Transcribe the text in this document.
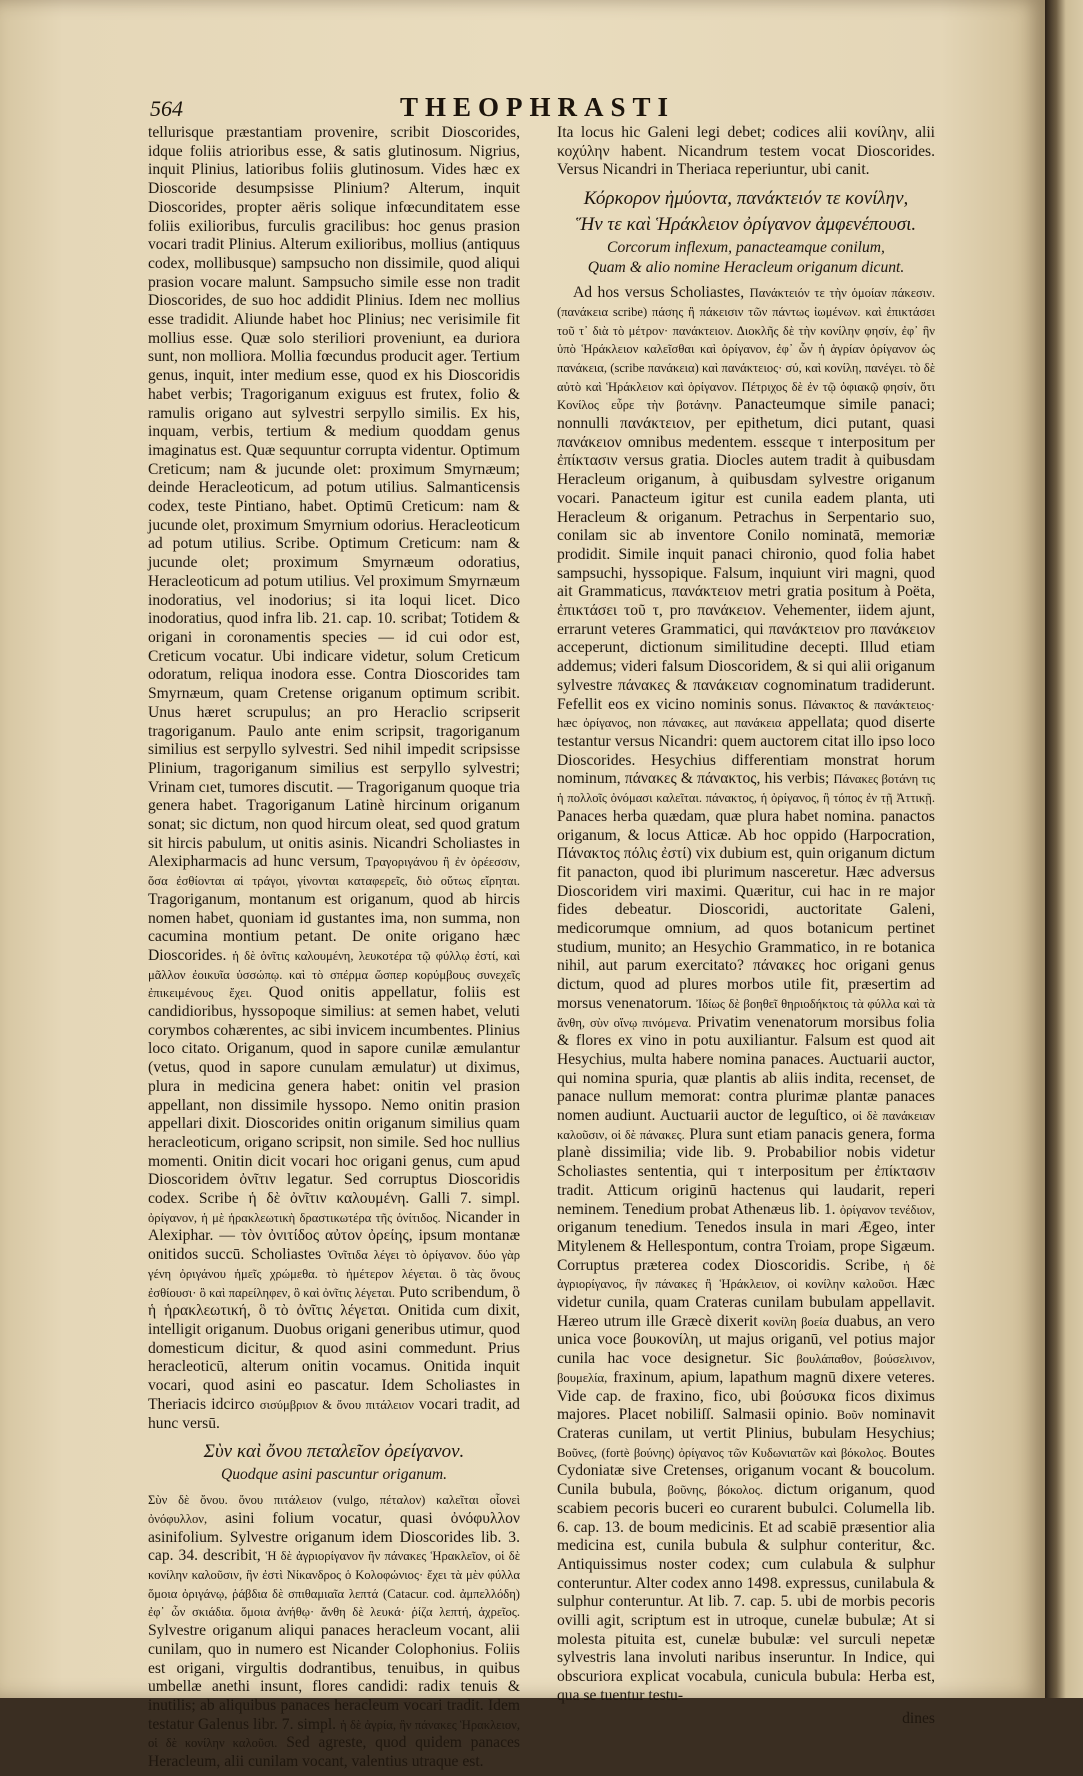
564	THEOPHRASTI

tellurisque præstantiam provenire, scribit Dioscorides, idque foliis atrioribus esse, & satis glutinosum. Nigrius, inquit Plinius, latioribus foliis glutinosum. Vides hæc ex Dioscoride desumpsisse Plinium? Alterum, inquit Dioscorides, propter aëris solique infœcunditatem esse foliis exilioribus, furculis gracilibus: hoc genus prasion vocari tradit Plinius. Alterum exilioribus, mollius (antiquus codex, mollibusque) sampsucho non dissimile, quod aliqui prasion vocare malunt. Sampsucho simile esse non tradit Dioscorides, de suo hoc addidit Plinius. Idem nec mollius esse tradidit. Aliunde habet hoc Plinius; nec verisimile fit mollius esse. Quæ solo steriliori proveniunt, ea duriora sunt, non molliora. Mollia fœcundus producit ager. Tertium genus, inquit, inter medium esse, quod ex his Dioscoridis habet verbis; Tragoriganum exiguus est frutex, folio & ramulis origano aut sylvestri serpyllo similis. Ex his, inquam, verbis, tertium & medium quoddam genus imaginatus est. Quæ sequuntur corrupta videntur. Optimum Creticum; nam & jucunde olet: proximum Smyrnæum; deinde Heracleoticum, ad potum utilius. Salmanticensis codex, teste Pintiano, habet. Optimū Creticum: nam & jucunde olet, proximum Smyrnium odorius. Heracleoticum ad potum utilius. Scribe. Optimum Creticum: nam & jucunde olet; proximum Smyrnæum odoratius, Heracleoticum ad potum utilius. Vel proximum Smyrnæum inodoratius, vel inodorius; si ita loqui licet. Dico inodoratius, quod infra lib. 21. cap. 10. scribat; Totidem & origani in coronamentis species — id cui odor est, Creticum vocatur. Ubi indicare videtur, solum Creticum odoratum, reliqua inodora esse. Contra Dioscorides tam Smyrnæum, quam Cretense origanum optimum scribit. Unus hæret scrupulus; an pro Heraclio scripserit tragoriganum. Paulo ante enim scripsit, tragoriganum similius est serpyllo sylvestri. Sed nihil impedit scripsisse Plinium, tragoriganum similius est serpyllo sylvestri; Vrinam cıet, tumores discutit. — Tragoriganum quoque tria genera habet. Tragoriganum Latinè hircinum origanum sonat; sic dictum, non quod hircum oleat, sed quod gratum sit hircis pabulum, ut onitis asinis. Nicandri Scholiastes in Alexipharmacis ad hunc versum, Τραγοριγάνου ἢ ἐν ὀρέεσσιν, ὅσα ἐσθίονται αἱ τράγοι, γίνονται καταφερεῖς, διὸ οὕτως εἴρηται. Tragoriganum, montanum est origanum, quod ab hircis nomen habet, quoniam id gustantes ima, non summa, non cacumina montium petant. De onite origano hæc Dioscorides. ἡ δὲ ὀνῖτις καλουμένη, λευκοτέρα τῷ φύλλῳ ἐστί, καὶ μᾶλλον ἐοικυῖα ὑσσώπῳ. καὶ τὸ σπέρμα ὥσπερ κορύμβους συνεχεῖς ἐπικειμένους ἔχει. Quod onitis appellatur, foliis est candidioribus, hyssopoque similius: at semen habet, veluti corymbos cohærentes, ac sibi invicem incumbentes. Plinius loco citato. Origanum, quod in sapore cunilæ æmulantur (vetus, quod in sapore cunulam æmulatur) ut diximus, plura in medicina genera habet: onitin vel prasion appellant, non dissimile hyssopo. Nemo onitin prasion appellari dixit. Dioscorides onitin origanum similius quam heracleoticum, origano scripsit, non simile. Sed hoc nullius momenti. Onitin dicit vocari hoc origani genus, cum apud Dioscoridem ὀνῖτιν legatur. Sed corruptus Dioscoridis codex. Scribe ἡ δὲ ὀνῖτιν καλουμένη. Galli 7. simpl. ὀρίγανον, ἡ μὲ ἡρακλεωτικὴ δραστικωτέρα τῆς ὀνίτιδος. Nicander in Alexiphar. — τὸν ὀνιτίδος αὐτον ὀρείης, ipsum montanæ onitidos succū. Scholiastes Ὀνῖτιδα λέγει τὸ ὀρίγανον. δύο γὰρ γένη ὀριγάνου ἡμεῖς χρώμεθα. τὸ ἡμέτερον λέγεται. ὃ τὰς ὄνους ἐσθίουσι· ὃ καὶ παρείληφεν, ὃ καὶ ὀνῖτις λέγεται. Puto scribendum, ὃ ἡ ἡρακλεωτική, ὃ τὸ ὀνῖτις λέγεται. Onitida cum dixit, intelligit origanum. Duobus origani generibus utimur, quod domesticum dicitur, & quod asini commedunt. Prius heracleoticū, alterum onitin vocamus. Onitida inquit vocari, quod asini eo pascatur. Idem Scholiastes in Theriacis idcirco σισύμβριον & ὄνου πιτάλειον vocari tradit, ad hunc versū.

Σὺν καὶ ὄνου πεταλεῖον ὀρείγανον.
Quodque asini pascuntur origanum.

Σὺν δὲ ὄνου. ὄνου πιτάλειον (vulgo, πέταλον) καλεῖται οἷονεὶ ὀνόφυλλον, asini folium vocatur, quasi ὀνόφυλλον asinifolium. Sylvestre origanum idem Dioscorides lib. 3. cap. 34. describit, Ἡ δὲ ἀγριορίγανον ἣν πάνακες Ἡρακλεῖον, οἱ δὲ κονίλην καλοῦσιν, ἣν ἐστὶ Νίκανδρος ὁ Κολοφώνιος· ἔχει τὰ μὲν φύλλα ὅμοια ὀριγάνῳ, ῥάβδια δὲ σπιθαμιαῖα λεπτά (Catacur. cod. ἀμπελλόδη) ἐφ᾽ ὧν σκιάδια. ὅμοια ἀνήθῳ· ἄνθη δὲ λευκά· ῥίζα λεπτή, ἀχρεῖος. Sylvestre origanum aliqui panaces heracleum vocant, alii cunilam, quo in numero est Nicander Colophonius. Foliis est origani, virgultis dodrantibus, tenuibus, in quibus umbellæ anethi insunt, flores candidi: radix tenuis & inutilis; ab aliquibus panaces heracleum vocari tradit. Idem testatur Galenus libr. 7. simpl. ἡ δὲ ἀγρία, ἣν πάνακες Ἡρακλειον, οἱ δὲ κονίλην καλοῦσι. Sed agreste, quod quidem panaces Heracleum, alii cunilam vocant, valentius utraque est.

Ita locus hic Galeni legi debet; codices alii κονίλην, alii κοχύλην habent. Nicandrum testem vocat Dioscorides. Versus Nicandri in Theriaca reperiuntur, ubi canit.

Κόρκορον ἠμύοντα, πανάκτειόν τε κονίλην,
Ἥν τε καὶ Ἡράκλειον ὀρίγανον ἀμφενέπουσι.
Corcorum inflexum, panacteamque conilum,
Quam & alio nomine Heracleum origanum dicunt.

Ad hos versus Scholiastes, Πανάκτειόν τε τὴν ὁμοίαν πάκεσιν. (πανάκεια scribe) πάσης ἢ πάκεισιν τῶν πάντως ἰωμένων. καὶ ἐπικτάσει τοῦ τ᾽ διὰ τὸ μέτρον· πανάκτειον. Διοκλῆς δὲ τὴν κονίλην φησίν, ἐφ᾽ ἣν ὑπὸ Ἡράκλειον καλεῖσθαι καὶ ὀρίγανον, ἐφ᾽ ὧν ἡ ἀγρίαν ὀρίγανον ὡς πανάκεια, (scribe πανάκεια) καὶ πανάκτειος· σύ, καὶ κονίλη, πανέγει. τὸ δὲ αὐτὸ καὶ Ἡράκλειον καὶ ὀρίγανον. Πέτριχος δὲ ἐν τῷ ὀφιακῷ φησίν, ὅτι Κονίλος εὗρε τὴν βοτάνην. Panacteumque simile panaci; nonnulli πανάκτειον, per epithetum, dici putant, quasi πανάκειον omnibus medentem. essεque τ interpositum per ἐπίκτασιν versus gratia. Diocles autem tradit à quibusdam Heracleum origanum, à quibusdam sylvestre origanum vocari. Panacteum igitur est cunila eadem planta, uti Heracleum & origanum. Petrachus in Serpentario suo, conilam sic ab inventore Conilo nominatā, memoriæ prodidit. Simile inquit panaci chironio, quod folia habet sampsuchi, hyssopique. Falsum, inquiunt viri magni, quod ait Grammaticus, πανάκτειον metri gratia positum à Poëta, ἐπικτάσει τοῦ τ, pro πανάκειον. Vehementer, iidem ajunt, errarunt veteres Grammatici, qui πανάκτειον pro πανάκειον acceperunt, dictionum similitudine decepti. Illud etiam addemus; videri falsum Dioscoridem, & si qui alii origanum sylvestre πάνακες & πανάκειαν cognominatum tradiderunt. Fefellit eos ex vicino nominis sonus. Πάνακτος & πανάκτειος· hæc ὀρίγανος, non πάνακες, aut πανάκεια appellata; quod diserte testantur versus Nicandri: quem auctorem citat illo ipso loco Dioscorides. Hesychius differentiam monstrat horum nominum, πάνακες & πάνακτος, his verbis; Πάνακες βοτάνη τις ἡ πολλοῖς ὀνόμασι καλεῖται. πάνακτος, ἡ ὀρίγανος, ἢ τόπος ἐν τῇ Ἀττικῇ. Panaces herba quædam, quæ plura habet nomina. panactos origanum, & locus Atticæ. Ab hoc oppido (Harpocration, Πάνακτος πόλις ἐστί) vix dubium est, quin origanum dictum fit panacton, quod ibi plurimum nasceretur. Hæc adversus Dioscoridem viri maximi. Quæritur, cui hac in re major fides debeatur. Dioscoridi, auctoritate Galeni, medicorumque omnium, ad quos botanicum pertinet studium, munito; an Hesychio Grammatico, in re botanica nihil, aut parum exercitato? πάνακες hoc origani genus dictum, quod ad plures morbos utile fit, præsertim ad morsus venenatorum. Ἰδίως δὲ βοηθεῖ θηριοδήκτοις τὰ φύλλα καὶ τὰ ἄνθη, σὺν οἴνῳ πινόμενα. Privatim venenatorum morsibus folia & flores ex vino in potu auxiliantur. Falsum est quod ait Hesychius, multa habere nomina panaces. Auctuarii auctor, qui nomina spuria, quæ plantis ab aliis indita, recenset, de panace nullum memorat: contra plurimæ plantæ panaces nomen audiunt. Auctuarii auctor de leguſtico, οἱ δὲ πανάκειαν καλοῦσιν, οἱ δὲ πάνακες. Plura sunt etiam panacis genera, forma planè dissimilia; vide lib. 9. Probabilior nobis videtur Scholiastes sententia, qui τ interpositum per ἐπίκτασιν tradit. Atticum originū hactenus qui laudarit, reperi neminem. Tenedium probat Athenæus lib. 1. ὀρίγανον τενέδιον, origanum tenedium. Tenedos insula in mari Ægeo, inter Mitylenem & Hellespontum, contra Troiam, prope Sigæum. Corruptus præterea codex Dioscoridis. Scribe, ἡ δὲ ἀγριορίγανος, ἣν πάνακες ἢ Ἡράκλειον, οἱ κονίλην καλοῦσι. Hæc videtur cunila, quam Crateras cunilam bubulam appellavit. Hæreo utrum ille Græcè dixerit κονίλη βοεία duabus, an vero unica voce βουκονίλη, ut majus origanū, vel potius major cunila hac voce designetur. Sic βουλάπαθον, βούσελινον, βουμελία, fraxinum, apium, lapathum magnū dixere veteres. Vide cap. de fraxino, fico, ubi βούσυκα ficos diximus majores. Placet nobiliſſ. Salmasii opinio. Βοῦν nominavit Crateras cunilam, ut vertit Plinius, bubulam Hesychius; Βοῦνες, (fortè βούνης) ὀρίγανος τῶν Κυδωνιατῶν καὶ βόκολος. Boutes Cydoniatæ sive Cretenses, origanum vocant & boucolum. Cunila bubula, βοῦνης, βόκολος. dictum origanum, quod scabiem pecoris buceri eo curarent bubulci. Columella lib. 6. cap. 13. de boum medicinis. Et ad scabiē præsentior alia medicina est, cunila bubula & sulphur conteritur, &c. Antiquissimus noster codex; cum culabula & sulphur conteruntur. Alter codex anno 1498. expressus, cunilabula & sulphur conteruntur. At lib. 7. cap. 5. ubi de morbis pecoris ovilli agit, scriptum est in utroque, cunelæ bubulæ; At si molesta pituita est, cunelæ bubulæ: vel surculi nepetæ sylvestris lana involuti naribus inseruntur. In Indice, qui obscuriora explicat vocabula, cunicula bubula: Herba est, qua se tuentur testu-

dines
